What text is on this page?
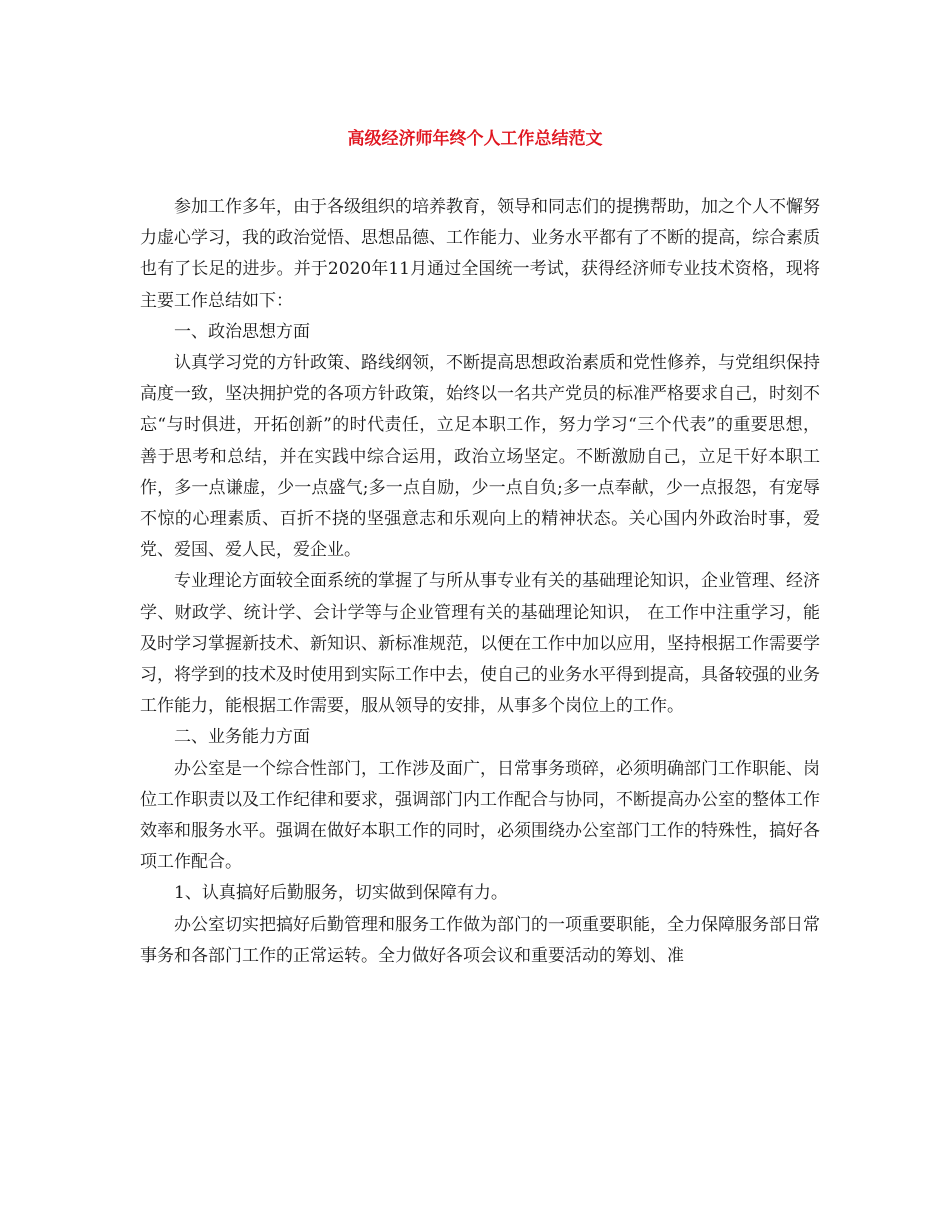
高级经济师年终个人工作总结范文

参加工作多年，由于各级组织的培养教育，领导和同志们的提携帮助，加之个人不懈努力虚心学习，我的政治觉悟、思想品德、工作能力、业务水平都有了不断的提高，综合素质也有了长足的进步。并于2020年11月通过全国统一考试，获得经济师专业技术资格，现将主要工作总结如下：

一、政治思想方面

认真学习党的方针政策、路线纲领，不断提高思想政治素质和党性修养，与党组织保持高度一致，坚决拥护党的各项方针政策，始终以一名共产党员的标准严格要求自己，时刻不忘“与时俱进，开拓创新”的时代责任，立足本职工作，努力学习“三个代表”的重要思想，善于思考和总结，并在实践中综合运用，政治立场坚定。不断激励自己，立足干好本职工作，多一点谦虚，少一点盛气;多一点自励，少一点自负;多一点奉献，少一点报怨，有宠辱不惊的心理素质、百折不挠的坚强意志和乐观向上的精神状态。关心国内外政治时事，爱党、爱国、爱人民，爱企业。

专业理论方面较全面系统的掌握了与所从事专业有关的基础理论知识，企业管理、经济学、财政学、统计学、会计学等与企业管理有关的基础理论知识， 在工作中注重学习，能及时学习掌握新技术、新知识、新标准规范，以便在工作中加以应用，坚持根据工作需要学习，将学到的技术及时使用到实际工作中去，使自己的业务水平得到提高，具备较强的业务工作能力，能根据工作需要，服从领导的安排，从事多个岗位上的工作。

二、业务能力方面

办公室是一个综合性部门，工作涉及面广，日常事务琐碎，必须明确部门工作职能、岗位工作职责以及工作纪律和要求，强调部门内工作配合与协同，不断提高办公室的整体工作效率和服务水平。强调在做好本职工作的同时，必须围绕办公室部门工作的特殊性，搞好各项工作配合。

1、认真搞好后勤服务，切实做到保障有力。

办公室切实把搞好后勤管理和服务工作做为部门的一项重要职能，全力保障服务部日常事务和各部门工作的正常运转。全力做好各项会议和重要活动的筹划、准
